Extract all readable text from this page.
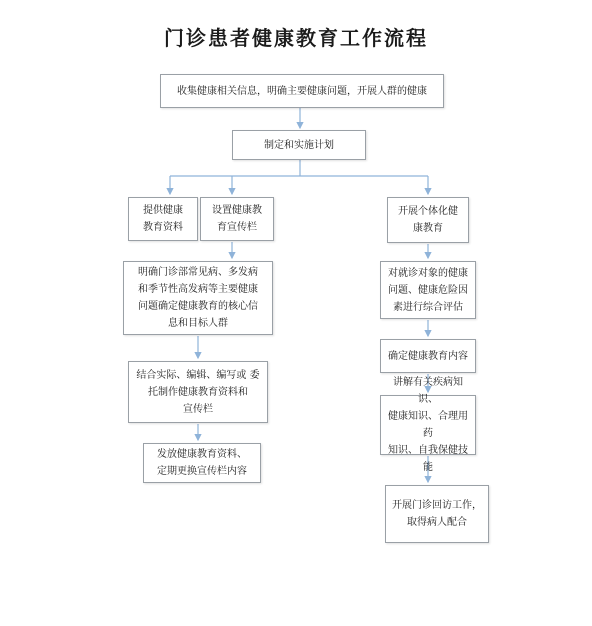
门诊患者健康教育工作流程
收集健康相关信息，明确主要健康问题，开展人群的健康
制定和实施计划
提供健康
教育资料
设置健康教
育宣传栏
开展个体化健
康教育
明确门诊部常见病、多发病
和季节性高发病等主要健康
问题确定健康教育的核心信
息和目标人群
对就诊对象的健康
问题、健康危险因
素进行综合评估
确定健康教育内容
结合实际、编辑、编写或 委
托制作健康教育资料和
宣传栏
讲解有关疾病知识、
健康知识、合理用药
知识、自我保健技能
发放健康教育资料、
定期更换宣传栏内容
开展门诊回访工作，
取得病人配合
